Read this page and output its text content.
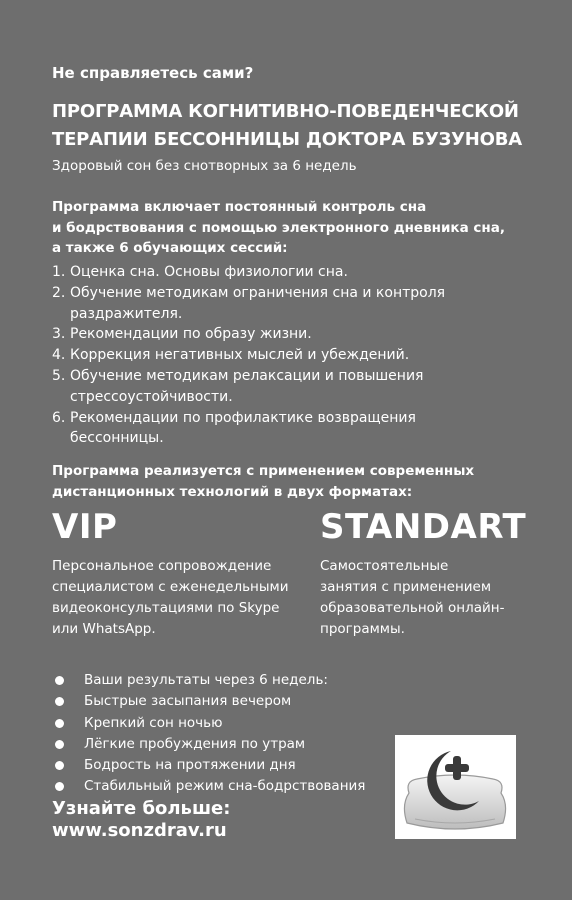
Не справляетесь сами?
ПРОГРАММА КОГНИТИВНО-ПОВЕДЕНЧЕСКОЙ
ТЕРАПИИ БЕССОННИЦЫ ДОКТОРА БУЗУНОВА
Здоровый сон без снотворных за 6 недель
Программа включает постоянный контроль сна
и бодрствования с помощью электронного дневника сна,
а также 6 обучающих сессий:
1. Оценка сна. Основы физиологии сна.
2. Обучение методикам ограничения сна и контроля
раздражителя.
3. Рекомендации по образу жизни.
4. Коррекция негативных мыслей и убеждений.
5. Обучение методикам релаксации и повышения
стрессоустойчивости.
6. Рекомендации по профилактике возвращения
бессонницы.
Программа реализуется с применением современных
дистанционных технологий в двух форматах:
VIP
Персональное сопровождение
специалистом с еженедельными
видеоконсультациями по Skype
или WhatsApp.
STANDART
Самостоятельные
занятия с применением
образовательной онлайн-
программы.
Ваши результаты через 6 недель:
Быстрые засыпания вечером
Крепкий сон ночью
Лёгкие пробуждения по утрам
Бодрость на протяжении дня
Стабильный режим сна-бодрствования
Узнайте больше:
www.sonzdrav.ru
